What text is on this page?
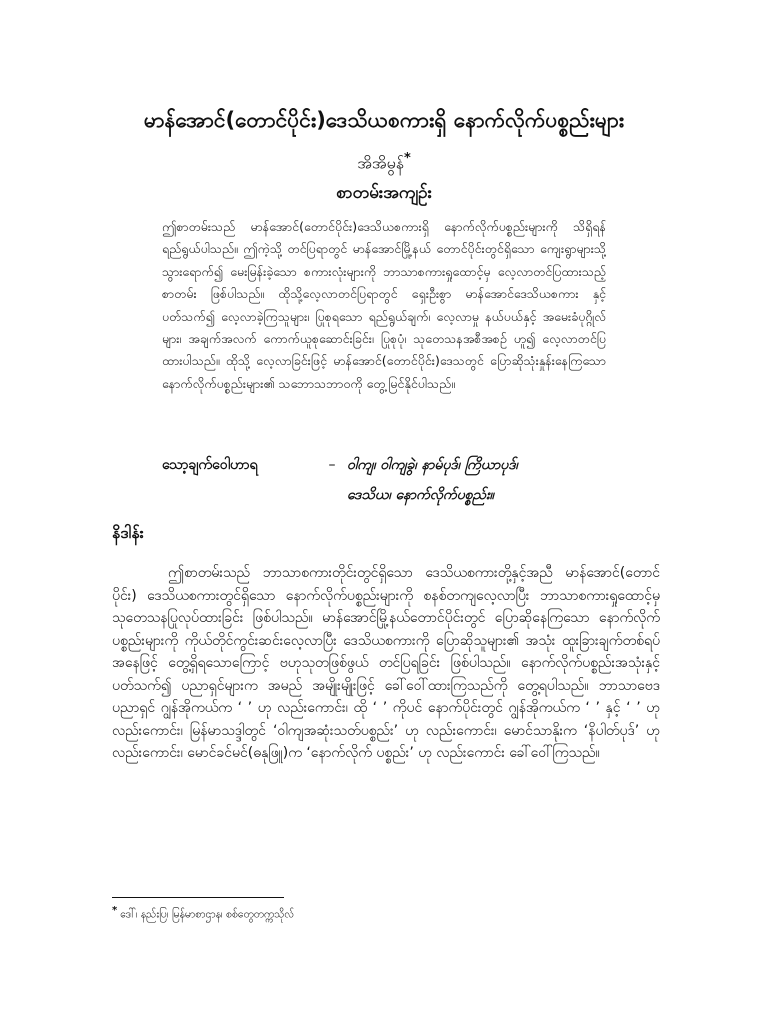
မာန်အောင်(တောင်ပိုင်း)ဒေသိယစကားရှိ နောက်လိုက်ပစ္စည်းများ
အိအိမွန်*
စာတမ်းအကျဉ်း
ဤစာတမ်းသည် မာန်အောင်(တောင်ပိုင်း)ဒေသိယစကားရှိ နောက်လိုက်ပစ္စည်းများကို သိရှိရန် ရည်ရွယ်ပါသည်။ ဤကဲ့သို့ တင်ပြရာတွင် မာန်အောင်မြို့နယ် တောင်ပိုင်းတွင်ရှိသော ကျေးရွာများသို့ သွားရောက်၍ မေးမြန်းခဲ့သော စကားလုံးများကို ဘာသာစကားရှုထောင့်မှ လေ့လာတင်ပြထားသည့် စာတမ်း ဖြစ်ပါသည်။ ထိုသို့လေ့လာတင်ပြရာတွင် ရှေးဦးစွာ မာန်အောင်ဒေသိယစကား နှင့်ပတ်သက်၍ လေ့လာခဲ့ကြသူများ၊ ပြုစုရသော ရည်ရွယ်ချက်၊ လေ့လာမှု နယ်ပယ်နှင့် အမေးခံပုဂ္ဂိုလ်များ၊ အချက်အလက် ကောက်ယူစုဆောင်းခြင်း၊ ပြုစုပုံ၊ သုတေသနအစီအစဉ် ဟူ၍ လေ့လာတင်ပြထားပါသည်။ ထိုသို့ လေ့လာခြင်းဖြင့် မာန်အောင်(တောင်ပိုင်း)ဒေသတွင် ပြောဆိုသုံးနှုန်းနေကြသော နောက်လိုက်ပစ္စည်းများ၏ သဘောသဘာဝကို တွေ့မြင်နိုင်ပါသည်။
သော့ချက်ဝေါဟာရ	– ဝါကျ၊ ဝါကျခွဲ၊ နာမ်ပုဒ်၊ ကြိယာပုဒ်၊
ဒေသိယ၊ နောက်လိုက်ပစ္စည်း။
နိဒါန်း
ဤစာတမ်းသည် ဘာသာစကားတိုင်းတွင်ရှိသော ဒေသိယစကားတို့နှင့်အညီ မာန်အောင်(တောင်ပိုင်း) ဒေသိယစကားတွင်ရှိသော နောက်လိုက်ပစ္စည်းများကို စနစ်တကျလေ့လာပြီး ဘာသာစကားရှုထောင့်မှ သုတေသနပြုလုပ်ထားခြင်း ဖြစ်ပါသည်။ မာန်အောင်မြို့နယ်တောင်ပိုင်းတွင် ပြောဆိုနေကြသော နောက်လိုက်ပစ္စည်းများကို ကိုယ်တိုင်ကွင်းဆင်းလေ့လာပြီး ဒေသိယစကားကို ပြောဆိုသူများ၏ အသုံး ထူးခြားချက်တစ်ရပ်အနေဖြင့် တွေ့ရှိရသောကြောင့် ဗဟုသုတဖြစ်ဖွယ် တင်ပြရခြင်း ဖြစ်ပါသည်။ နောက်လိုက်ပစ္စည်းအသုံးနှင့်ပတ်သက်၍ ပညာရှင်များက အမည် အမျိုးမျိုးဖြင့် ခေါ်ဝေါ်ထားကြသည်ကို တွေ့ရပါသည်။ ဘာသာဗေဒပညာရှင် ဂျွန်အိုကယ်က ‘ ’ ဟု လည်းကောင်း၊ ထို ‘ ’ ကိုပင် နောက်ပိုင်းတွင် ဂျွန်အိုကယ်က ‘ ’ နှင့် ‘ ’ ဟု လည်းကောင်း၊ မြန်မာသဒ္ဒါတွင် ‘ဝါကျအဆုံးသတ်ပစ္စည်း’ ဟု လည်းကောင်း၊ မောင်သာနိုးက ‘နိပါတ်ပုဒ်’ ဟု လည်းကောင်း၊ မောင်ခင်မင်(ဓနုဖြူ)က ‘နောက်လိုက် ပစ္စည်း’ ဟု လည်းကောင်း ခေါ်ဝေါ်ကြသည်။
* ဒေါ်၊ နည်းပြ၊ မြန်မာစာဌာန၊ စစ်တွေတက္ကသိုလ်
